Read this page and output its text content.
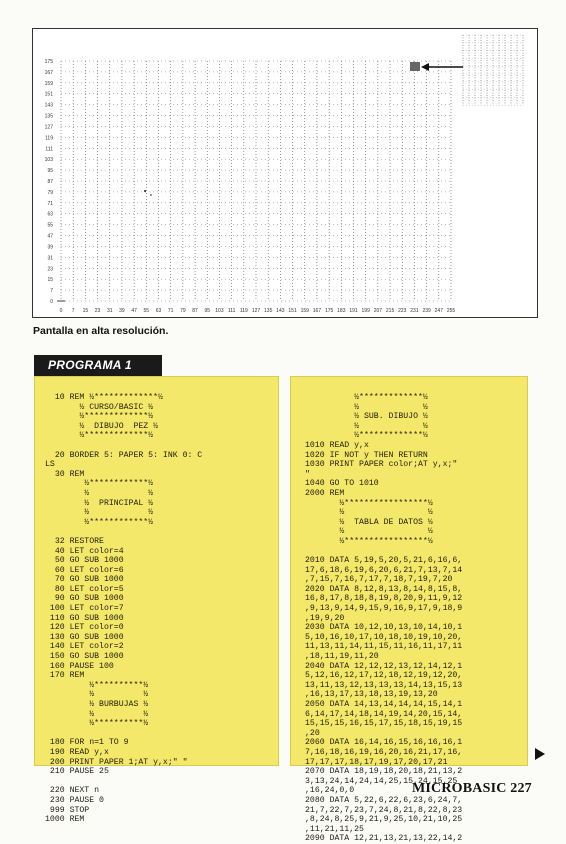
0 7 15 23 31 39 47 55 63 71 79 87 95 103 111 119 127 135 143 151 159 167 175 183 191 199 207 215 223 231 239 247 255
175
167
159
151
143
135
127
119
111
103
95
87
79
71
63
55
47
39
31
23
15
7
0
Pantalla en alta resolución.
PROGRAMA 1
10 REM ½*************½
½ CURSO/BASIC ½
½*************½
½  DIBUJO  PEZ ½
½*************½

20 BORDER 5: PAPER 5: INK 0: C
LS
30 REM
½************½
½            ½
½  PRINCIPAL ½
½            ½
½************½

32 RESTORE
40 LET color=4
50 GO SUB 1000
60 LET color=6
70 GO SUB 1000
80 LET color=5
90 GO SUB 1000
100 LET color=7
110 GO SUB 1000
120 LET color=0
130 GO SUB 1000
140 LET color=2
150 GO SUB 1000
160 PAUSE 100
170 REM
½**********½
½          ½
½ BURBUJAS ½
½          ½
½**********½

180 FOR n=1 TO 9
190 READ y,x
200 PRINT PAPER 1;AT y,x;" "
210 PAUSE 25

220 NEXT n
230 PAUSE 0
999 STOP
1000 REM
½*************½
½             ½
½ SUB. DIBUJO ½
½             ½
½*************½
1010 READ y,x
1020 IF NOT y THEN RETURN
1030 PRINT PAPER color;AT y,x;"
"
1040 GO TO 1010
2000 REM
½*****************½
½                 ½
½  TABLA DE DATOS ½
½                 ½
½*****************½

2010 DATA 5,19,5,20,5,21,6,16,6,
17,6,18,6,19,6,20,6,21,7,13,7,14
,7,15,7,16,7,17,7,18,7,19,7,20
2020 DATA 8,12,8,13,8,14,8,15,8,
16,8,17,8,18,8,19,8,20,9,11,9,12
,9,13,9,14,9,15,9,16,9,17,9,18,9
,19,9,20
2030 DATA 10,12,10,13,10,14,10,1
5,10,16,10,17,10,18,10,19,10,20,
11,13,11,14,11,15,11,16,11,17,11
,18,11,19,11,20
2040 DATA 12,12,12,13,12,14,12,1
5,12,16,12,17,12,18,12,19,12,20,
13,11,13,12,13,13,13,14,13,15,13
,16,13,17,13,18,13,19,13,20
2050 DATA 14,13,14,14,14,15,14,1
6,14,17,14,18,14,19,14,20,15,14,
15,15,15,16,15,17,15,18,15,19,15
,20
2060 DATA 16,14,16,15,16,16,16,1
7,16,18,16,19,16,20,16,21,17,16,
17,17,17,18,17,19,17,20,17,21
2070 DATA 18,19,18,20,18,21,13,2
3,13,24,14,24,14,25,15,24,15,25
,16,24,0,0
2080 DATA 5,22,6,22,6,23,6,24,7,
21,7,22,7,23,7,24,8,21,8,22,8,23
,8,24,8,25,9,21,9,25,10,21,10,25
,11,21,11,25
2090 DATA 12,21,13,21,13,22,14,2
MICROBASIC 227
